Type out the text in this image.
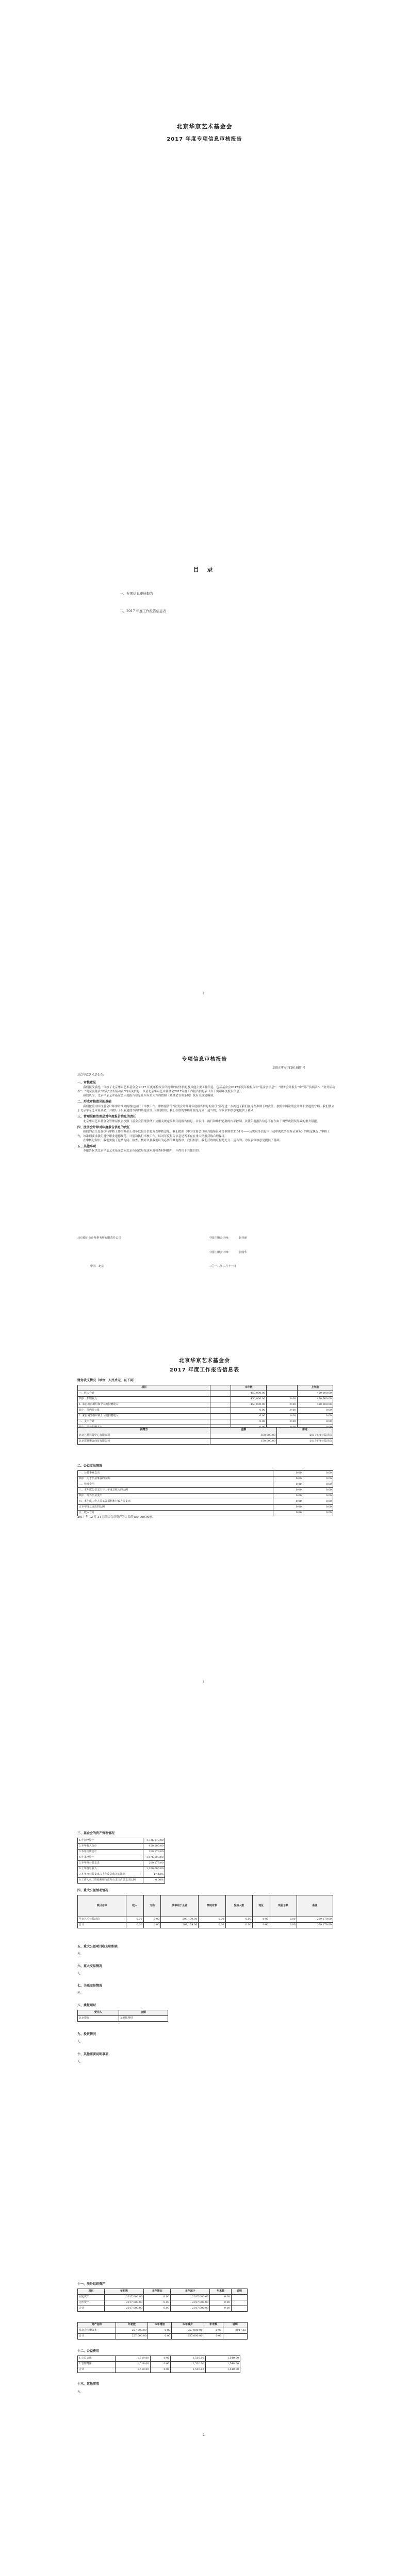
北京华京艺术基金会
2017 年度专项信息审核报告
目 录
一、专项信息审核报告
二、2017 年度工作报告信息表
1
专项信息审核报告
京德正审专字[2018]第 号
北京华京艺术基金会：
一、审核意见

我们接受委托，审核了北京华京艺术基金会 2017 年度年检报告所提供的财务信息及其他主要工作信息，包括基金会2017年度年检报告中“基金会信息”、“财务会计报告”中“资产负债表”、“业务活动表”、“现金流量表”以及“业务活动表”的有关信息，以及北京华京艺术基金会2017年度工作报告信息表（以下简称年度报告信息）。

我们认为，北京华京艺术基金会年度报告信息在所有重大方面按照《基金会管理条例》及有关规定编制。

二、形成审核意见的基础

我们按照中国注册会计师审计准则的规定执行了审核工作。审核报告的“注册会计师对年度报告信息的责任”部分进一步阐述了我们在这些准则下的责任。按照中国注册会计师职业道德守则，我们独立于北京华京艺术基金会，并履行了职业道德方面的其他责任。我们相信，我们获取的审核证据是充分、适当的，为发表审核意见提供了基础。

三、管理层和治理层对年度报告信息的责任

北京华京艺术基金会管理层负责按照《基金会管理条例》及相关规定编制年度报告信息，并设计、执行和维护必要的内部控制，以使年度报告信息不存在由于舞弊或错误导致的重大错报。

四、注册会计师对年度报告信息的责任

我们的责任是在执行审核工作的基础上对年度报告信息发表审核意见。我们按照《中国注册会计师其他鉴证业务准则第3101号——历史财务信息审计或审阅以外的鉴证业务》的规定执行了审核工作，该准则要求我们遵守职业道德规范，计划和执行审核工作，以对年度报告信息是否不存在重大错报获取合理保证。

在审核过程中，我们实施了包括询问、检查、核对以及我们认为必要的其他程序。我们相信，我们获取的证据是充分、适当的，为发表审核意见提供了基础。

五、其他事项

本报告仅供北京华京艺术基金会向北京市民政局报送年度检查材料使用，不得用于其他目的。

北京德正会计师事务所有限责任公司	中国注册会计师：	赵佳丽
中国注册会计师：	张国华
中国 · 北京	二〇一八年二月十一日
北京华京艺术基金会
2017 年度工作报告信息表
财务收支情况（单位：人民币元，以下同）
项目		本年数		上年数
一、收入合计		450,000.00		450,000.00
其中：捐赠收入		450,000.00	0.00	450,000.00
1. 来自境内组织和个人的捐赠收入		450,000.00	0.00	450,000.00
其中：境内非公募		0.00	0.00	0.00
2. 来自境外组织和个人的捐赠收入		0.00	0.00	0.00
二、支出合计		0.00	0.00	0.00

捐赠方	金额	用途
北京艺德科贸中心有限公司	300,000.00	2017年度公益活动
北京富腾聚合商贸有限公司	150,000.00	2017年度公益活动
二、公益支出情况
一、公益事业支出	0.00	0.00
其中：用于公益事业的支出	0.00	0.00
二、管理费用	0.00	0.00
三、本年度公益支出与上年度总收入的比例	0.00	0.00
其中：境外公益支出	0.00	0.00
四、本年度工作人员工资福利和行政办公支出	0.00	0.00
占本年度总支出的比例	0.00	0.00
五、收入合计	0.00	0.00
2017 年 12 月 31 日基金会总资产为人民币450,000.00元。
1
三、基金会的资产管理情况
1.年初净资产	1,736,077.00
2.本年收入合计	450,000.00
3.本年支出合计	209,179.00
4.年末净资产	1,976,898.00
5.本年度公益支出	209,179.00
6.上年度总收入	1,200,000.00
7.本年度公益支出占上年度总收入的比例	17.43%
8.工作人员工资福利和行政办公支出占总支出比例	0.00%
四、重大公益活动情况
项目名称	收入	支出	其中用于公益	资助对象	受益人数	地区	项目总额	备注
华京艺术公益活动	0.00	0.00	209,179.00	0.00	0.00	0.00	0.00	209,179.00
合计	0.00	0.00	209,179.00	0.00	0.00	0.00	0.00	209,179.00
五、重大公益项目收支明细表
无。
六、重大交易情况
无。
七、关联交易情况
无。
八、委托理财
受托人	金额
北京银行	无委托理财
九、投资情况
无。
十、其他需要说明事项
无。
十一、境外组织资产
项目	年初数	本年增加	本年减少	年末数	说明
固定资产	2017,000.00	0.00	2017,000.00	0.00	
无形资产	2017,000.00	0.00	2017,000.00	0.00	
合计	2017,000.00	0.00	2017,000.00	0.00	
资产名称	年初数	本年增加	本年减少	年末数	说明
基金会注册资本	257,000.00	0.00	257,000.00	0.00	2017.12
合计	257,000.00	0.00	257,000.00	0.00	
十二、公益费用
1.公益支出	1,510.00	0.00	1,510.00	1,540.00
2.管理费用	1,510.00	0.00	1,510.00	1,540.00
合计	1,510.00	0.00	1,510.00	1,540.00
十三、其他事项
无。
2
